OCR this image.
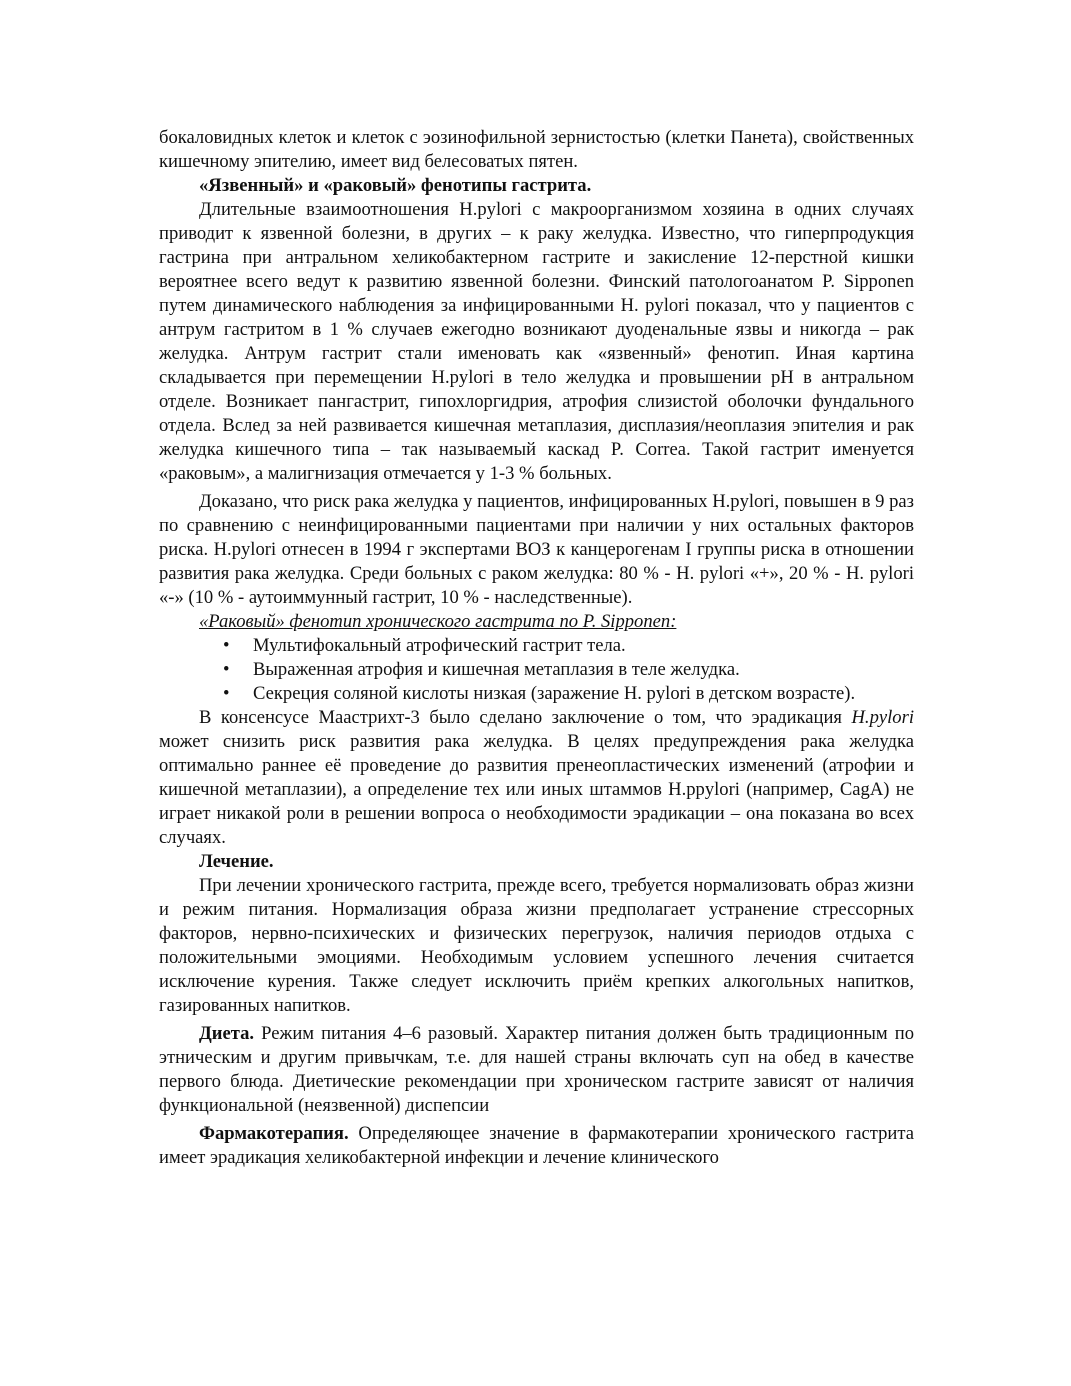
бокаловидных клеток и клеток с эозинофильной зернистостью (клетки Панета), свойственных кишечному эпителию, имеет вид белесоватых пятен.

«Язвенный» и «раковый» фенотипы гастрита.

Длительные взаимоотношения H.pylori с макроорганизмом хозяина в одних случаях приводит к язвенной болезни, в других – к раку желудка. Известно, что гиперпродукция гастрина при антральном хеликобактерном гастрите и закисление 12-перстной кишки вероятнее всего ведут к развитию язвенной болезни. Финский патологоанатом P. Sipponen путем динамического наблюдения за инфицированными H. pylori показал, что у пациентов с антрум гастритом в 1 % случаев ежегодно возникают дуоденальные язвы и никогда – рак желудка. Антрум гастрит стали именовать как «язвенный» фенотип. Иная картина складывается при перемещении H.pylori в тело желудка и провышении pH в антральном отделе. Возникает пангастрит, гипохлоргидрия, атрофия слизистой оболочки фундального отдела. Вслед за ней развивается кишечная метаплазия, дисплазия/неоплазия эпителия и рак желудка кишечного типа – так называемый каскад P. Correa. Такой гастрит именуется «раковым», а малигнизация отмечается у 1-3 % больных.

Доказано, что риск рака желудка у пациентов, инфицированных H.pylori, повышен в 9 раз по сравнению с неинфицированными пациентами при наличии у них остальных факторов риска. H.pylori отнесен в 1994 г экспертами ВОЗ к канцерогенам I группы риска в отношении развития рака желудка. Среди больных с раком желудка: 80 % - H. pylori «+», 20 % - H. pylori «-» (10 % - аутоиммунный гастрит, 10 % - наследственные).

«Раковый» фенотип хронического гастрита по P. Sipponen:

• Мультифокальный атрофический гастрит тела.
• Выраженная атрофия и кишечная метаплазия в теле желудка.
• Секреция соляной кислоты низкая (заражение H. pylori в детском возрасте).

В консенсусе Маастрихт-3 было сделано заключение о том, что эрадикация H.pylori может снизить риск развития рака желудка. В целях предупреждения рака желудка оптимально раннее её проведение до развития пренеопластических изменений (атрофии и кишечной метаплазии), а определение тех или иных штаммов H.ppylori (например, CagA) не играет никакой роли в решении вопроса о необходимости эрадикации – она показана во всех случаях.

Лечение.

При лечении хронического гастрита, прежде всего, требуется нормализовать образ жизни и режим питания. Нормализация образа жизни предполагает устранение стрессорных факторов, нервно-психических и физических перегрузок, наличия периодов отдыха с положительными эмоциями. Необходимым условием успешного лечения считается исключение курения. Также следует исключить приём крепких алкогольных напитков, газированных напитков.

Диета. Режим питания 4–6 разовый. Характер питания должен быть традиционным по этническим и другим привычкам, т.е. для нашей страны включать суп на обед в качестве первого блюда. Диетические рекомендации при хроническом гастрите зависят от наличия функциональной (неязвенной) диспепсии

Фармакотерапия. Определяющее значение в фармакотерапии хронического гастрита имеет эрадикация хеликобактерной инфекции и лечение клинического
